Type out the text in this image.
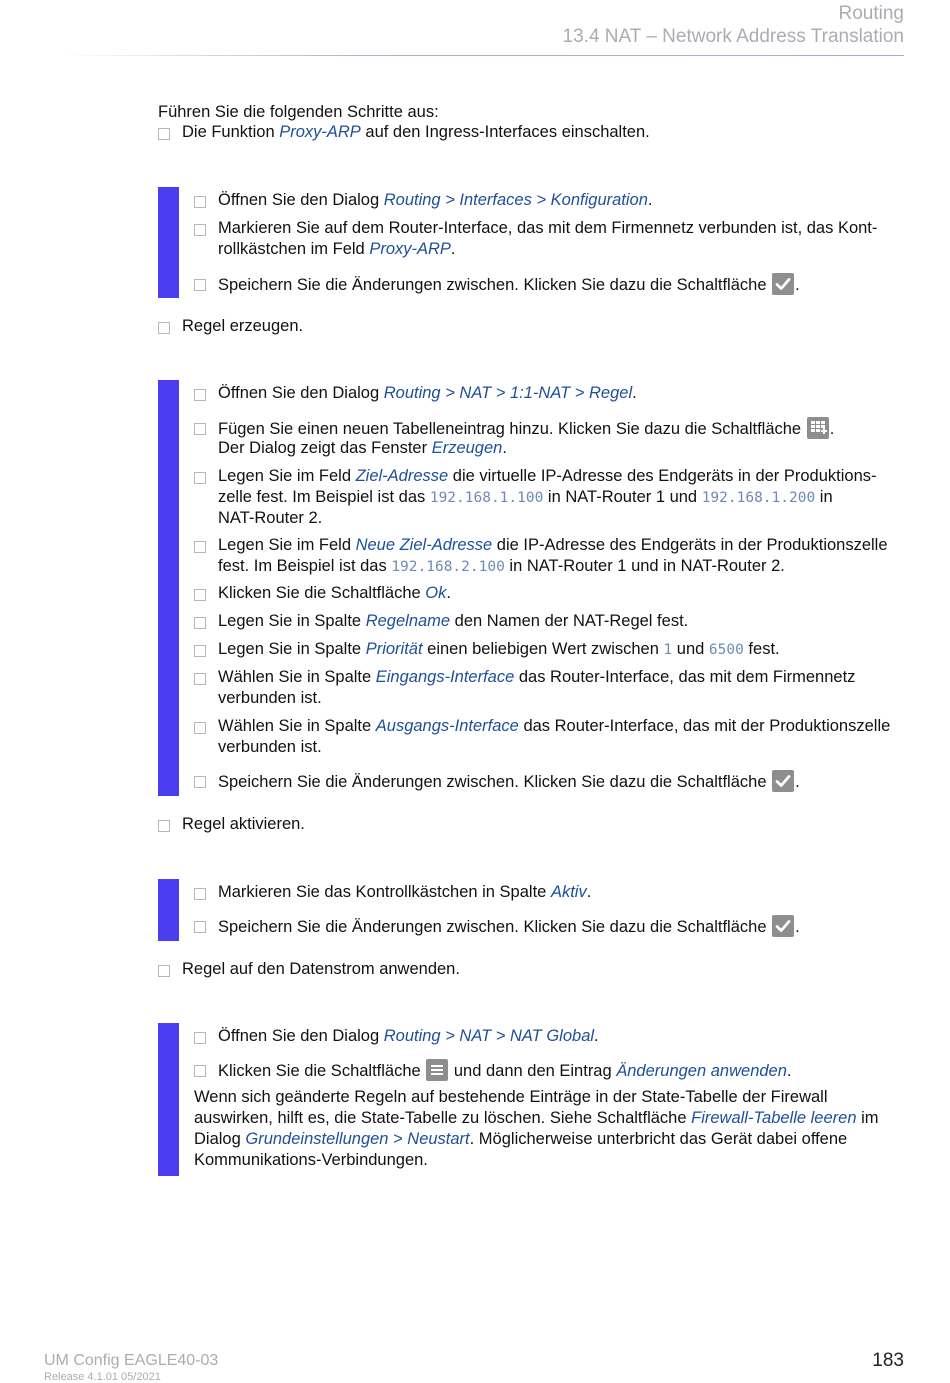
Routing
13.4 NAT – Network Address Translation
Führen Sie die folgenden Schritte aus:
Die Funktion Proxy-ARP auf den Ingress-Interfaces einschalten.
Öffnen Sie den Dialog Routing > Interfaces > Konfiguration.
Markieren Sie auf dem Router-Interface, das mit dem Firmennetz verbunden ist, das Kont-
rollkästchen im Feld Proxy-ARP.
Speichern Sie die Änderungen zwischen. Klicken Sie dazu die Schaltfläche
.
Regel erzeugen.
Öffnen Sie den Dialog Routing > NAT > 1:1-NAT > Regel.
Fügen Sie einen neuen Tabelleneintrag hinzu. Klicken Sie dazu die Schaltfläche
.
Der Dialog zeigt das Fenster Erzeugen.
Legen Sie im Feld Ziel-Adresse die virtuelle IP-Adresse des Endgeräts in der Produktions-
zelle fest. Im Beispiel ist das 192.168.1.100 in NAT-Router 1 und 192.168.1.200 in
NAT-Router 2.
Legen Sie im Feld Neue Ziel-Adresse die IP-Adresse des Endgeräts in der Produktionszelle
fest. Im Beispiel ist das 192.168.2.100 in NAT-Router 1 und in NAT-Router 2.
Klicken Sie die Schaltfläche Ok.
Legen Sie in Spalte Regelname den Namen der NAT-Regel fest.
Legen Sie in Spalte Priorität einen beliebigen Wert zwischen 1 und 6500 fest.
Wählen Sie in Spalte Eingangs-Interface das Router-Interface, das mit dem Firmennetz
verbunden ist.
Wählen Sie in Spalte Ausgangs-Interface das Router-Interface, das mit der Produktionszelle
verbunden ist.
Speichern Sie die Änderungen zwischen. Klicken Sie dazu die Schaltfläche
.
Regel aktivieren.
Markieren Sie das Kontrollkästchen in Spalte Aktiv.
Speichern Sie die Änderungen zwischen. Klicken Sie dazu die Schaltfläche
.
Regel auf den Datenstrom anwenden.
Öffnen Sie den Dialog Routing > NAT > NAT Global.
Klicken Sie die Schaltfläche
und dann den Eintrag Änderungen anwenden.
Wenn sich geänderte Regeln auf bestehende Einträge in der State-Tabelle der Firewall
auswirken, hilft es, die State-Tabelle zu löschen. Siehe Schaltfläche Firewall-Tabelle leeren im
Dialog Grundeinstellungen > Neustart. Möglicherweise unterbricht das Gerät dabei offene
Kommunikations-Verbindungen.
UM Config EAGLE40-03
Release 4.1.01 05/2021
183
